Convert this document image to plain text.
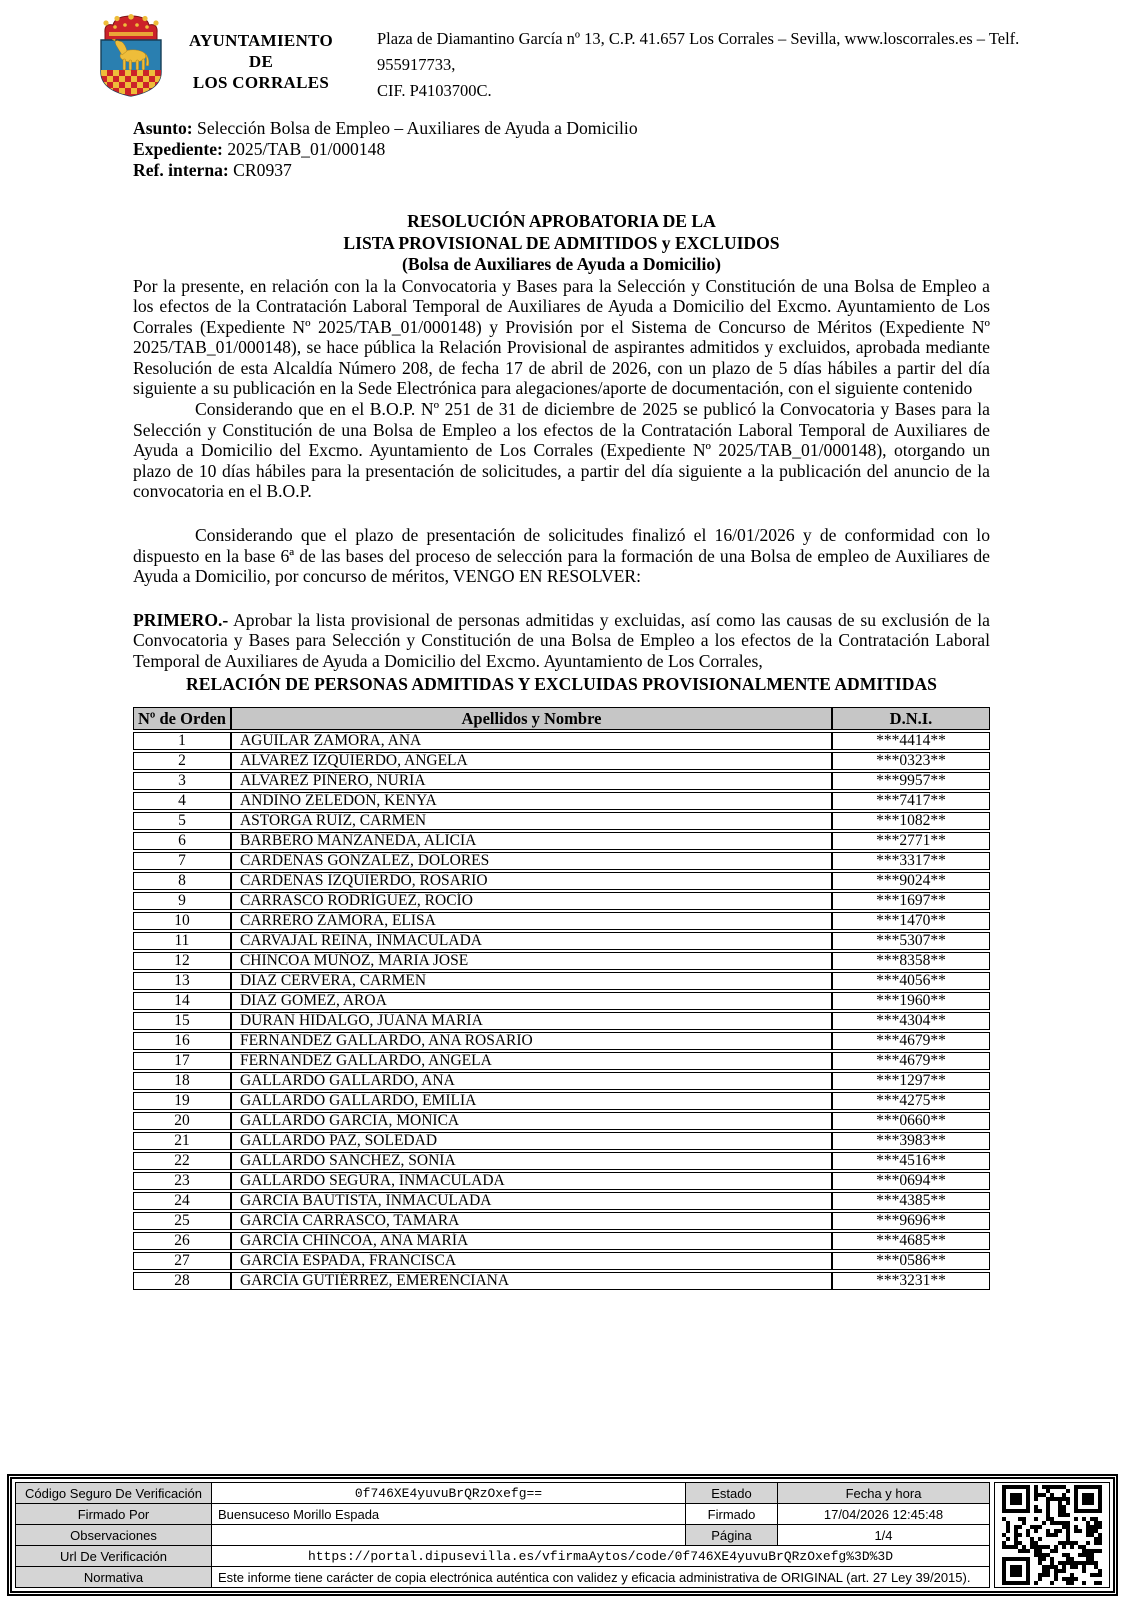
AYUNTAMIENTO
DE
LOS CORRALES
Plaza de Diamantino García nº 13, C.P. 41.657 Los Corrales – Sevilla, www.loscorrales.es – Telf. 955917733,
CIF. P4103700C.
Asunto: Selección Bolsa de Empleo – Auxiliares de Ayuda a Domicilio
Expediente: 2025/TAB_01/000148
Ref. interna: CR0937
RESOLUCIÓN APROBATORIA DE LA
LISTA PROVISIONAL DE ADMITIDOS y EXCLUIDOS
(Bolsa de Auxiliares de Ayuda a Domicilio)

Por la presente, en relación con la la Convocatoria y Bases para la Selección y Constitución de una Bolsa de Empleo a los efectos de la Contratación Laboral Temporal de Auxiliares de Ayuda a Domicilio del Excmo. Ayuntamiento de Los Corrales (Expediente Nº 2025/TAB_01/000148) y Provisión por el Sistema de Concurso de Méritos (Expediente Nº 2025/TAB_01/000148), se hace pública la Relación Provisional de aspirantes admitidos y excluidos, aprobada mediante Resolución de esta Alcaldía Número 208, de fecha 17 de abril de 2026, con un plazo de 5 días hábiles a partir del día siguiente a su publicación en la Sede Electrónica para alegaciones/aporte de documentación, con el siguiente contenido

Considerando que en el B.O.P. Nº 251 de 31 de diciembre de 2025 se publicó la Convocatoria y Bases para la Selección y Constitución de una Bolsa de Empleo a los efectos de la Contratación Laboral Temporal de Auxiliares de Ayuda a Domicilio del Excmo. Ayuntamiento de Los Corrales (Expediente Nº 2025/TAB_01/000148), otorgando un plazo de 10 días hábiles para la presentación de solicitudes, a partir del día siguiente a la publicación del anuncio de la convocatoria en el B.O.P.

Considerando que el plazo de presentación de solicitudes finalizó el 16/01/2026 y de conformidad con lo dispuesto en la base 6ª de las bases del proceso de selección para la formación de una Bolsa de empleo de Auxiliares de Ayuda a Domicilio, por concurso de méritos, VENGO EN RESOLVER:

PRIMERO.- Aprobar la lista provisional de personas admitidas y excluidas, así como las causas de su exclusión de la Convocatoria y Bases para Selección y Constitución de una Bolsa de Empleo a los efectos de la Contratación Laboral Temporal de Auxiliares de Ayuda a Domicilio del Excmo. Ayuntamiento de Los Corrales,

RELACIÓN DE PERSONAS ADMITIDAS Y EXCLUIDAS PROVISIONALMENTE ADMITIDAS
Nº de Orden	Apellidos y Nombre	D.N.I.
1	AGUILAR ZAMORA, ANA	***4414**
2	ALVAREZ IZQUIERDO, ANGELA	***0323**
3	ALVAREZ PIÑERO, NURIA	***9957**
4	ANDINO ZELEDON, KENYA	***7417**
5	ASTORGA RUIZ, CARMEN	***1082**
6	BARBERO MANZANEDA, ALICIA	***2771**
7	CARDENAS GONZALEZ, DOLORES	***3317**
8	CARDENAS IZQUIERDO, ROSARIO	***9024**
9	CARRASCO RODRÍGUEZ, ROCÍO	***1697**
10	CARRERO ZAMORA, ELISA	***1470**
11	CARVAJAL REINA, INMACULADA	***5307**
12	CHINCOA MUÑOZ, MARIA JOSE	***8358**
13	DIAZ CERVERA, CARMEN	***4056**
14	DIAZ GOMEZ, AROA	***1960**
15	DURAN HIDALGO, JUANA MARIA	***4304**
16	FERNANDEZ GALLARDO, ANA ROSARIO	***4679**
17	FERNANDEZ GALLARDO, ANGELA	***4679**
18	GALLARDO GALLARDO, ANA	***1297**
19	GALLARDO GALLARDO, EMILIA	***4275**
20	GALLARDO GARCIA, MONICA	***0660**
21	GALLARDO PAZ, SOLEDAD	***3983**
22	GALLARDO SANCHEZ, SONIA	***4516**
23	GALLARDO SEGURA, INMACULADA	***0694**
24	GARCIA BAUTISTA, INMACULADA	***4385**
25	GARCÍA CARRASCO, TAMARA	***9696**
26	GARCÍA CHINCOA, ANA MARÍA	***4685**
27	GARCÍA ESPADA, FRANCISCA	***0586**
28	GARCÍA GUTIÉRREZ, EMERENCIANA	***3231**
Código Seguro De Verificación	0f746XE4yuvuBrQRzOxefg==	Estado	Fecha y hora
Firmado Por	Buensuceso Morillo Espada	Firmado	17/04/2026 12:45:48
Observaciones		Página	1/4
Url De Verificación	https://portal.dipusevilla.es/vfirmaAytos/code/0f746XE4yuvuBrQRzOxefg%3D%3D		
Normativa	Este informe tiene carácter de copia electrónica auténtica con validez y eficacia administrativa de ORIGINAL (art. 27 Ley 39/2015).		
